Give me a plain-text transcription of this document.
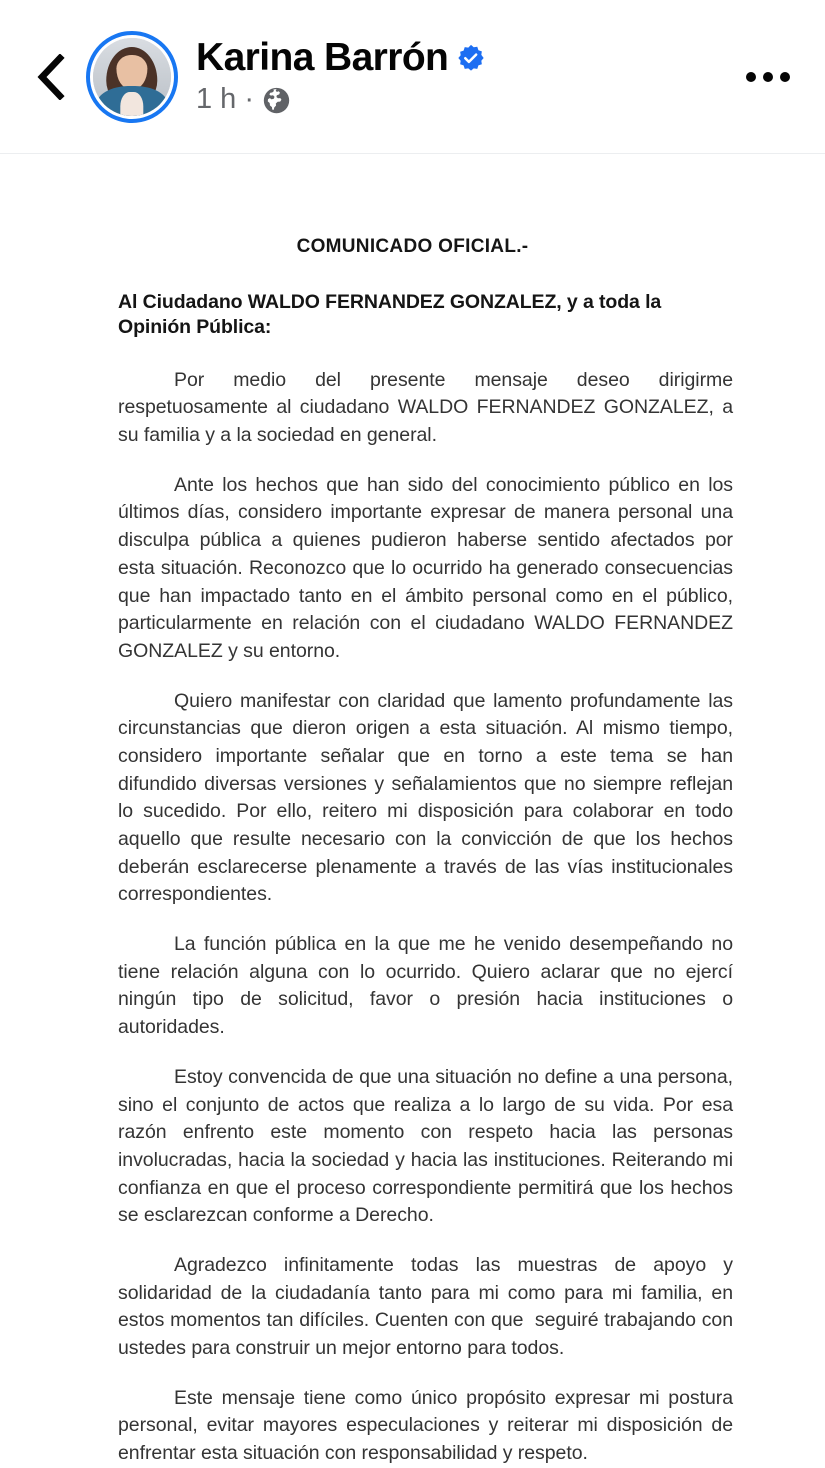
Karina Barrón
1 h ·
COMUNICADO OFICIAL.-
Al Ciudadano WALDO FERNANDEZ GONZALEZ, y a toda la Opinión Pública:

Por medio del presente mensaje deseo dirigirme respetuosamente al ciudadano WALDO FERNANDEZ GONZALEZ, a su familia y a la sociedad en general.

Ante los hechos que han sido del conocimiento público en los últimos días, considero importante expresar de manera personal una disculpa pública a quienes pudieron haberse sentido afectados por esta situación. Reconozco que lo ocurrido ha generado consecuencias que han impactado tanto en el ámbito personal como en el público, particularmente en relación con el ciudadano WALDO FERNANDEZ GONZALEZ y su entorno.

Quiero manifestar con claridad que lamento profundamente las circunstancias que dieron origen a esta situación. Al mismo tiempo, considero importante señalar que en torno a este tema se han difundido diversas versiones y señalamientos que no siempre reflejan lo sucedido. Por ello, reitero mi disposición para colaborar en todo aquello que resulte necesario con la convicción de que los hechos deberán esclarecerse plenamente a través de las vías institucionales correspondientes.

La función pública en la que me he venido desempeñando no tiene relación alguna con lo ocurrido. Quiero aclarar que no ejercí ningún tipo de solicitud, favor o presión hacia instituciones o autoridades.

Estoy convencida de que una situación no define a una persona, sino el conjunto de actos que realiza a lo largo de su vida. Por esa razón enfrento este momento con respeto hacia las personas involucradas, hacia la sociedad y hacia las instituciones. Reiterando mi confianza en que el proceso correspondiente permitirá que los hechos se esclarezcan conforme a Derecho.

Agradezco infinitamente todas las muestras de apoyo y solidaridad de la ciudadanía tanto para mi como para mi familia, en estos momentos tan difíciles. Cuenten con que  seguiré trabajando con ustedes para construir un mejor entorno para todos.

Este mensaje tiene como único propósito expresar mi postura personal, evitar mayores especulaciones y reiterar mi disposición de enfrentar esta situación con responsabilidad y respeto.
